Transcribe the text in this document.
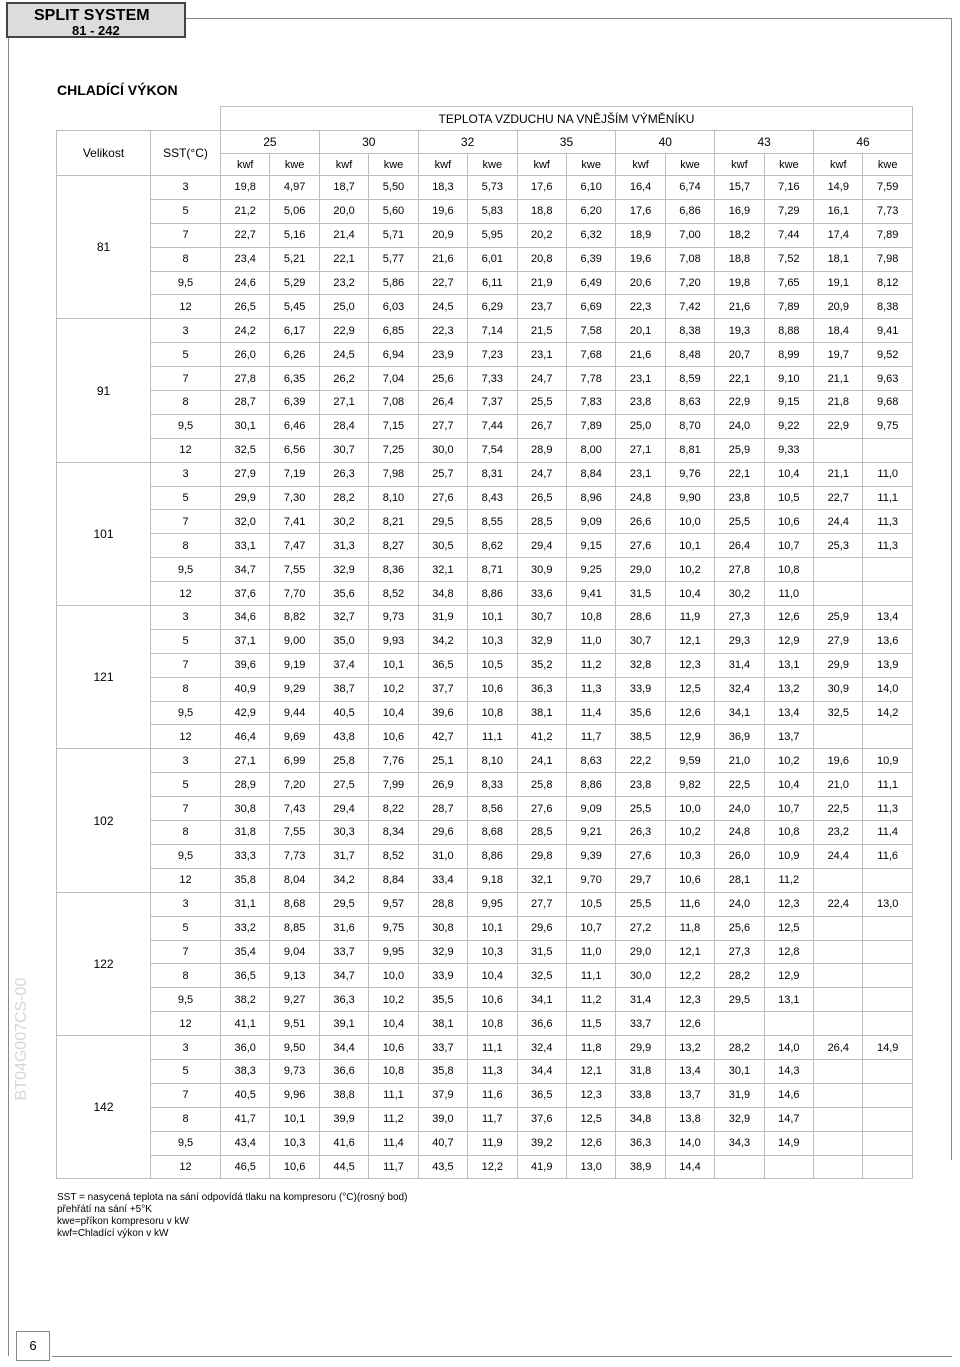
SPLIT SYSTEM
81 - 242
BT04G007CS-00
CHLADÍCÍ VÝKON
		TEPLOTA VZDUCHU NA VNĚJŠÍM VÝMĚNÍKU													
Velikost	SST(°C)	25		30		32		35		40		43		46	
		kwf	kwe	kwf	kwe	kwf	kwe	kwf	kwe	kwf	kwe	kwf	kwe	kwf	kwe
81	3	19,8	4,97	18,7	5,50	18,3	5,73	17,6	6,10	16,4	6,74	15,7	7,16	14,9	7,59
	5	21,2	5,06	20,0	5,60	19,6	5,83	18,8	6,20	17,6	6,86	16,9	7,29	16,1	7,73
	7	22,7	5,16	21,4	5,71	20,9	5,95	20,2	6,32	18,9	7,00	18,2	7,44	17,4	7,89
	8	23,4	5,21	22,1	5,77	21,6	6,01	20,8	6,39	19,6	7,08	18,8	7,52	18,1	7,98
	9,5	24,6	5,29	23,2	5,86	22,7	6,11	21,9	6,49	20,6	7,20	19,8	7,65	19,1	8,12
	12	26,5	5,45	25,0	6,03	24,5	6,29	23,7	6,69	22,3	7,42	21,6	7,89	20,9	8,38
91	3	24,2	6,17	22,9	6,85	22,3	7,14	21,5	7,58	20,1	8,38	19,3	8,88	18,4	9,41
	5	26,0	6,26	24,5	6,94	23,9	7,23	23,1	7,68	21,6	8,48	20,7	8,99	19,7	9,52
	7	27,8	6,35	26,2	7,04	25,6	7,33	24,7	7,78	23,1	8,59	22,1	9,10	21,1	9,63
	8	28,7	6,39	27,1	7,08	26,4	7,37	25,5	7,83	23,8	8,63	22,9	9,15	21,8	9,68
	9,5	30,1	6,46	28,4	7,15	27,7	7,44	26,7	7,89	25,0	8,70	24,0	9,22	22,9	9,75
	12	32,5	6,56	30,7	7,25	30,0	7,54	28,9	8,00	27,1	8,81	25,9	9,33		
101	3	27,9	7,19	26,3	7,98	25,7	8,31	24,7	8,84	23,1	9,76	22,1	10,4	21,1	11,0
	5	29,9	7,30	28,2	8,10	27,6	8,43	26,5	8,96	24,8	9,90	23,8	10,5	22,7	11,1
	7	32,0	7,41	30,2	8,21	29,5	8,55	28,5	9,09	26,6	10,0	25,5	10,6	24,4	11,3
	8	33,1	7,47	31,3	8,27	30,5	8,62	29,4	9,15	27,6	10,1	26,4	10,7	25,3	11,3
	9,5	34,7	7,55	32,9	8,36	32,1	8,71	30,9	9,25	29,0	10,2	27,8	10,8		
	12	37,6	7,70	35,6	8,52	34,8	8,86	33,6	9,41	31,5	10,4	30,2	11,0		
121	3	34,6	8,82	32,7	9,73	31,9	10,1	30,7	10,8	28,6	11,9	27,3	12,6	25,9	13,4
	5	37,1	9,00	35,0	9,93	34,2	10,3	32,9	11,0	30,7	12,1	29,3	12,9	27,9	13,6
	7	39,6	9,19	37,4	10,1	36,5	10,5	35,2	11,2	32,8	12,3	31,4	13,1	29,9	13,9
	8	40,9	9,29	38,7	10,2	37,7	10,6	36,3	11,3	33,9	12,5	32,4	13,2	30,9	14,0
	9,5	42,9	9,44	40,5	10,4	39,6	10,8	38,1	11,4	35,6	12,6	34,1	13,4	32,5	14,2
	12	46,4	9,69	43,8	10,6	42,7	11,1	41,2	11,7	38,5	12,9	36,9	13,7		
102	3	27,1	6,99	25,8	7,76	25,1	8,10	24,1	8,63	22,2	9,59	21,0	10,2	19,6	10,9
	5	28,9	7,20	27,5	7,99	26,9	8,33	25,8	8,86	23,8	9,82	22,5	10,4	21,0	11,1
	7	30,8	7,43	29,4	8,22	28,7	8,56	27,6	9,09	25,5	10,0	24,0	10,7	22,5	11,3
	8	31,8	7,55	30,3	8,34	29,6	8,68	28,5	9,21	26,3	10,2	24,8	10,8	23,2	11,4
	9,5	33,3	7,73	31,7	8,52	31,0	8,86	29,8	9,39	27,6	10,3	26,0	10,9	24,4	11,6
	12	35,8	8,04	34,2	8,84	33,4	9,18	32,1	9,70	29,7	10,6	28,1	11,2		
122	3	31,1	8,68	29,5	9,57	28,8	9,95	27,7	10,5	25,5	11,6	24,0	12,3	22,4	13,0
	5	33,2	8,85	31,6	9,75	30,8	10,1	29,6	10,7	27,2	11,8	25,6	12,5		
	7	35,4	9,04	33,7	9,95	32,9	10,3	31,5	11,0	29,0	12,1	27,3	12,8		
	8	36,5	9,13	34,7	10,0	33,9	10,4	32,5	11,1	30,0	12,2	28,2	12,9		
	9,5	38,2	9,27	36,3	10,2	35,5	10,6	34,1	11,2	31,4	12,3	29,5	13,1		
	12	41,1	9,51	39,1	10,4	38,1	10,8	36,6	11,5	33,7	12,6				
142	3	36,0	9,50	34,4	10,6	33,7	11,1	32,4	11,8	29,9	13,2	28,2	14,0	26,4	14,9
	5	38,3	9,73	36,6	10,8	35,8	11,3	34,4	12,1	31,8	13,4	30,1	14,3		
	7	40,5	9,96	38,8	11,1	37,9	11,6	36,5	12,3	33,8	13,7	31,9	14,6		
	8	41,7	10,1	39,9	11,2	39,0	11,7	37,6	12,5	34,8	13,8	32,9	14,7		
	9,5	43,4	10,3	41,6	11,4	40,7	11,9	39,2	12,6	36,3	14,0	34,3	14,9		
	12	46,5	10,6	44,5	11,7	43,5	12,2	41,9	13,0	38,9	14,4				
SST = nasycená teplota na sání odpovídá tlaku na kompresoru (°C)(rosný bod)
přehřátí na sání +5°K
kwe=příkon kompresoru v kW
kwf=Chladící výkon v kW
6
